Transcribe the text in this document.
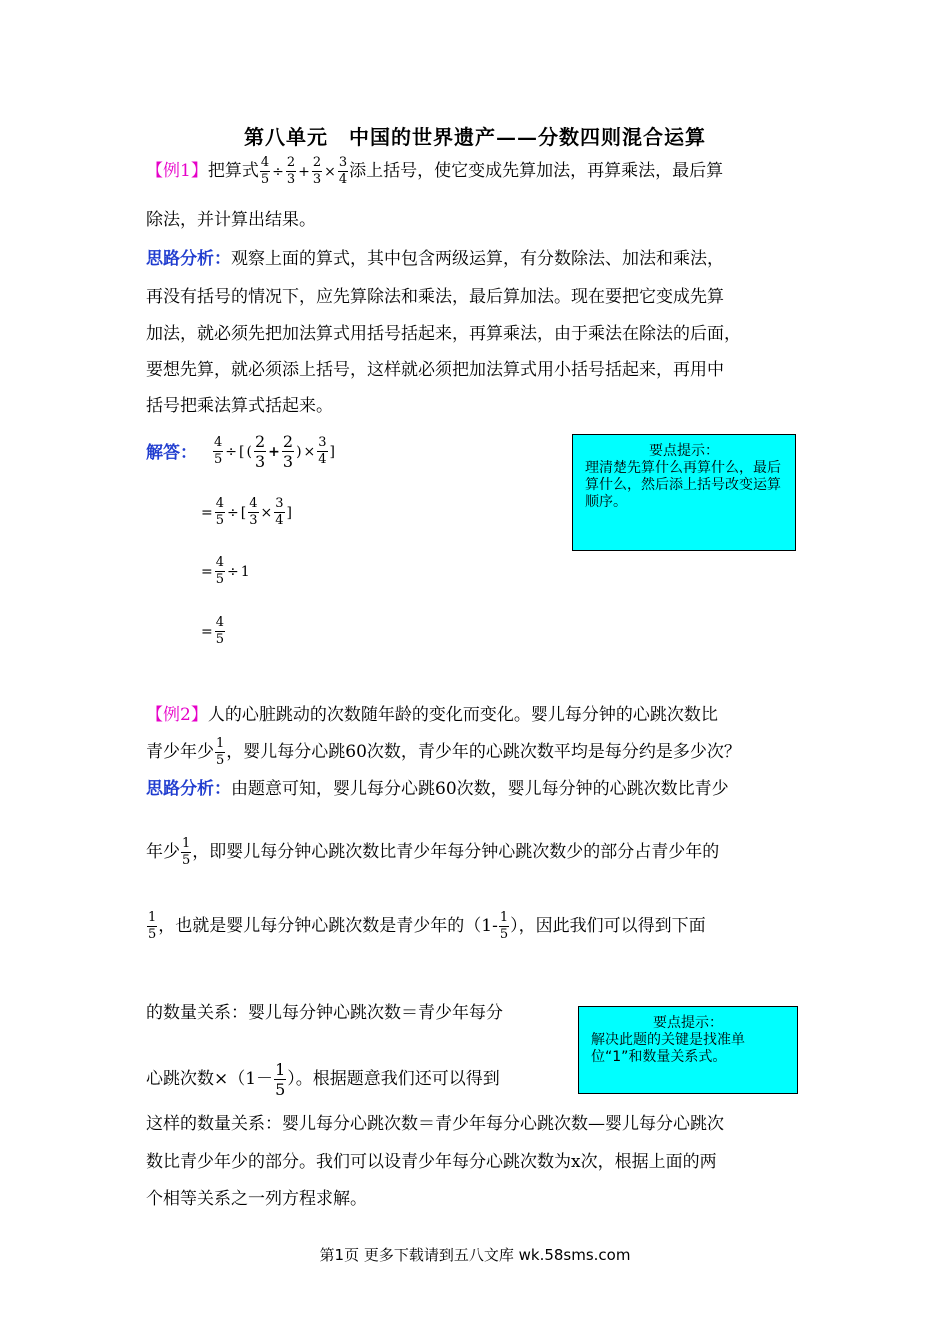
第八单元　中国的世界遗产——分数四则混合运算
【例1】把算式 $\frac{4}{5} \div \frac{2}{3} + \frac{2}{3} \times \frac{3}{4}$ 添上括号，使它变成先算加法，再算乘法，最后算
除法，并计算出结果。
思路分析：观察上面的算式，其中包含两级运算，有分数除法、加法和乘法，
再没有括号的情况下，应先算除法和乘法，最后算加法。现在要把它变成先算
加法，就必须先把加法算式用括号括起来，再算乘法，由于乘法在除法的后面，
要想先算，就必须添上括号，这样就必须把加法算式用小括号括起来，再用中
括号把乘法算式括起来。
解答： $\frac{4}{5}$ ÷ [ ( $\frac{2}{3} + \frac{2}{3}$ ) × $\frac{3}{4}$ ]
= $\frac{4}{5}$ ÷ [ $\frac{4}{3} \times \frac{3}{4}$ ]
= $\frac{4}{5} \div 1$
= $\frac{4}{5}$
要点提示：
理清楚先算什么再算什么，最后算什么，然后添上括号改变运算顺序。
【例2】人的心脏跳动的次数随年龄的变化而变化。婴儿每分钟的心跳次数比
青少年少 $\frac{1}{5}$ ，婴儿每分心跳60次数，青少年的心跳次数平均是每分约是多少次？
思路分析：由题意可知，婴儿每分心跳60次数，婴儿每分钟的心跳次数比青少
年少 $\frac{1}{5}$ ，即婴儿每分钟心跳次数比青少年每分钟心跳次数少的部分占青少年的
$\frac{1}{5}$ ，也就是婴儿每分钟心跳次数是青少年的（$1- \frac{1}{5}$ ），因此我们可以得到下面
的数量关系：婴儿每分钟心跳次数＝青少年每分
心跳次数$\times(1- \frac{1}{5}$ ）。根据题意我们还可以得到
这样的数量关系：婴儿每分心跳次数＝青少年每分心跳次数—婴儿每分心跳次
数比青少年少的部分。我们可以设青少年每分心跳次数为x次，根据上面的两
个相等关系之一列方程求解。
要点提示：
解决此题的关键是找准单位“1”和数量关系式。
第1页 更多下载请到五八文库 wk.58sms.com
